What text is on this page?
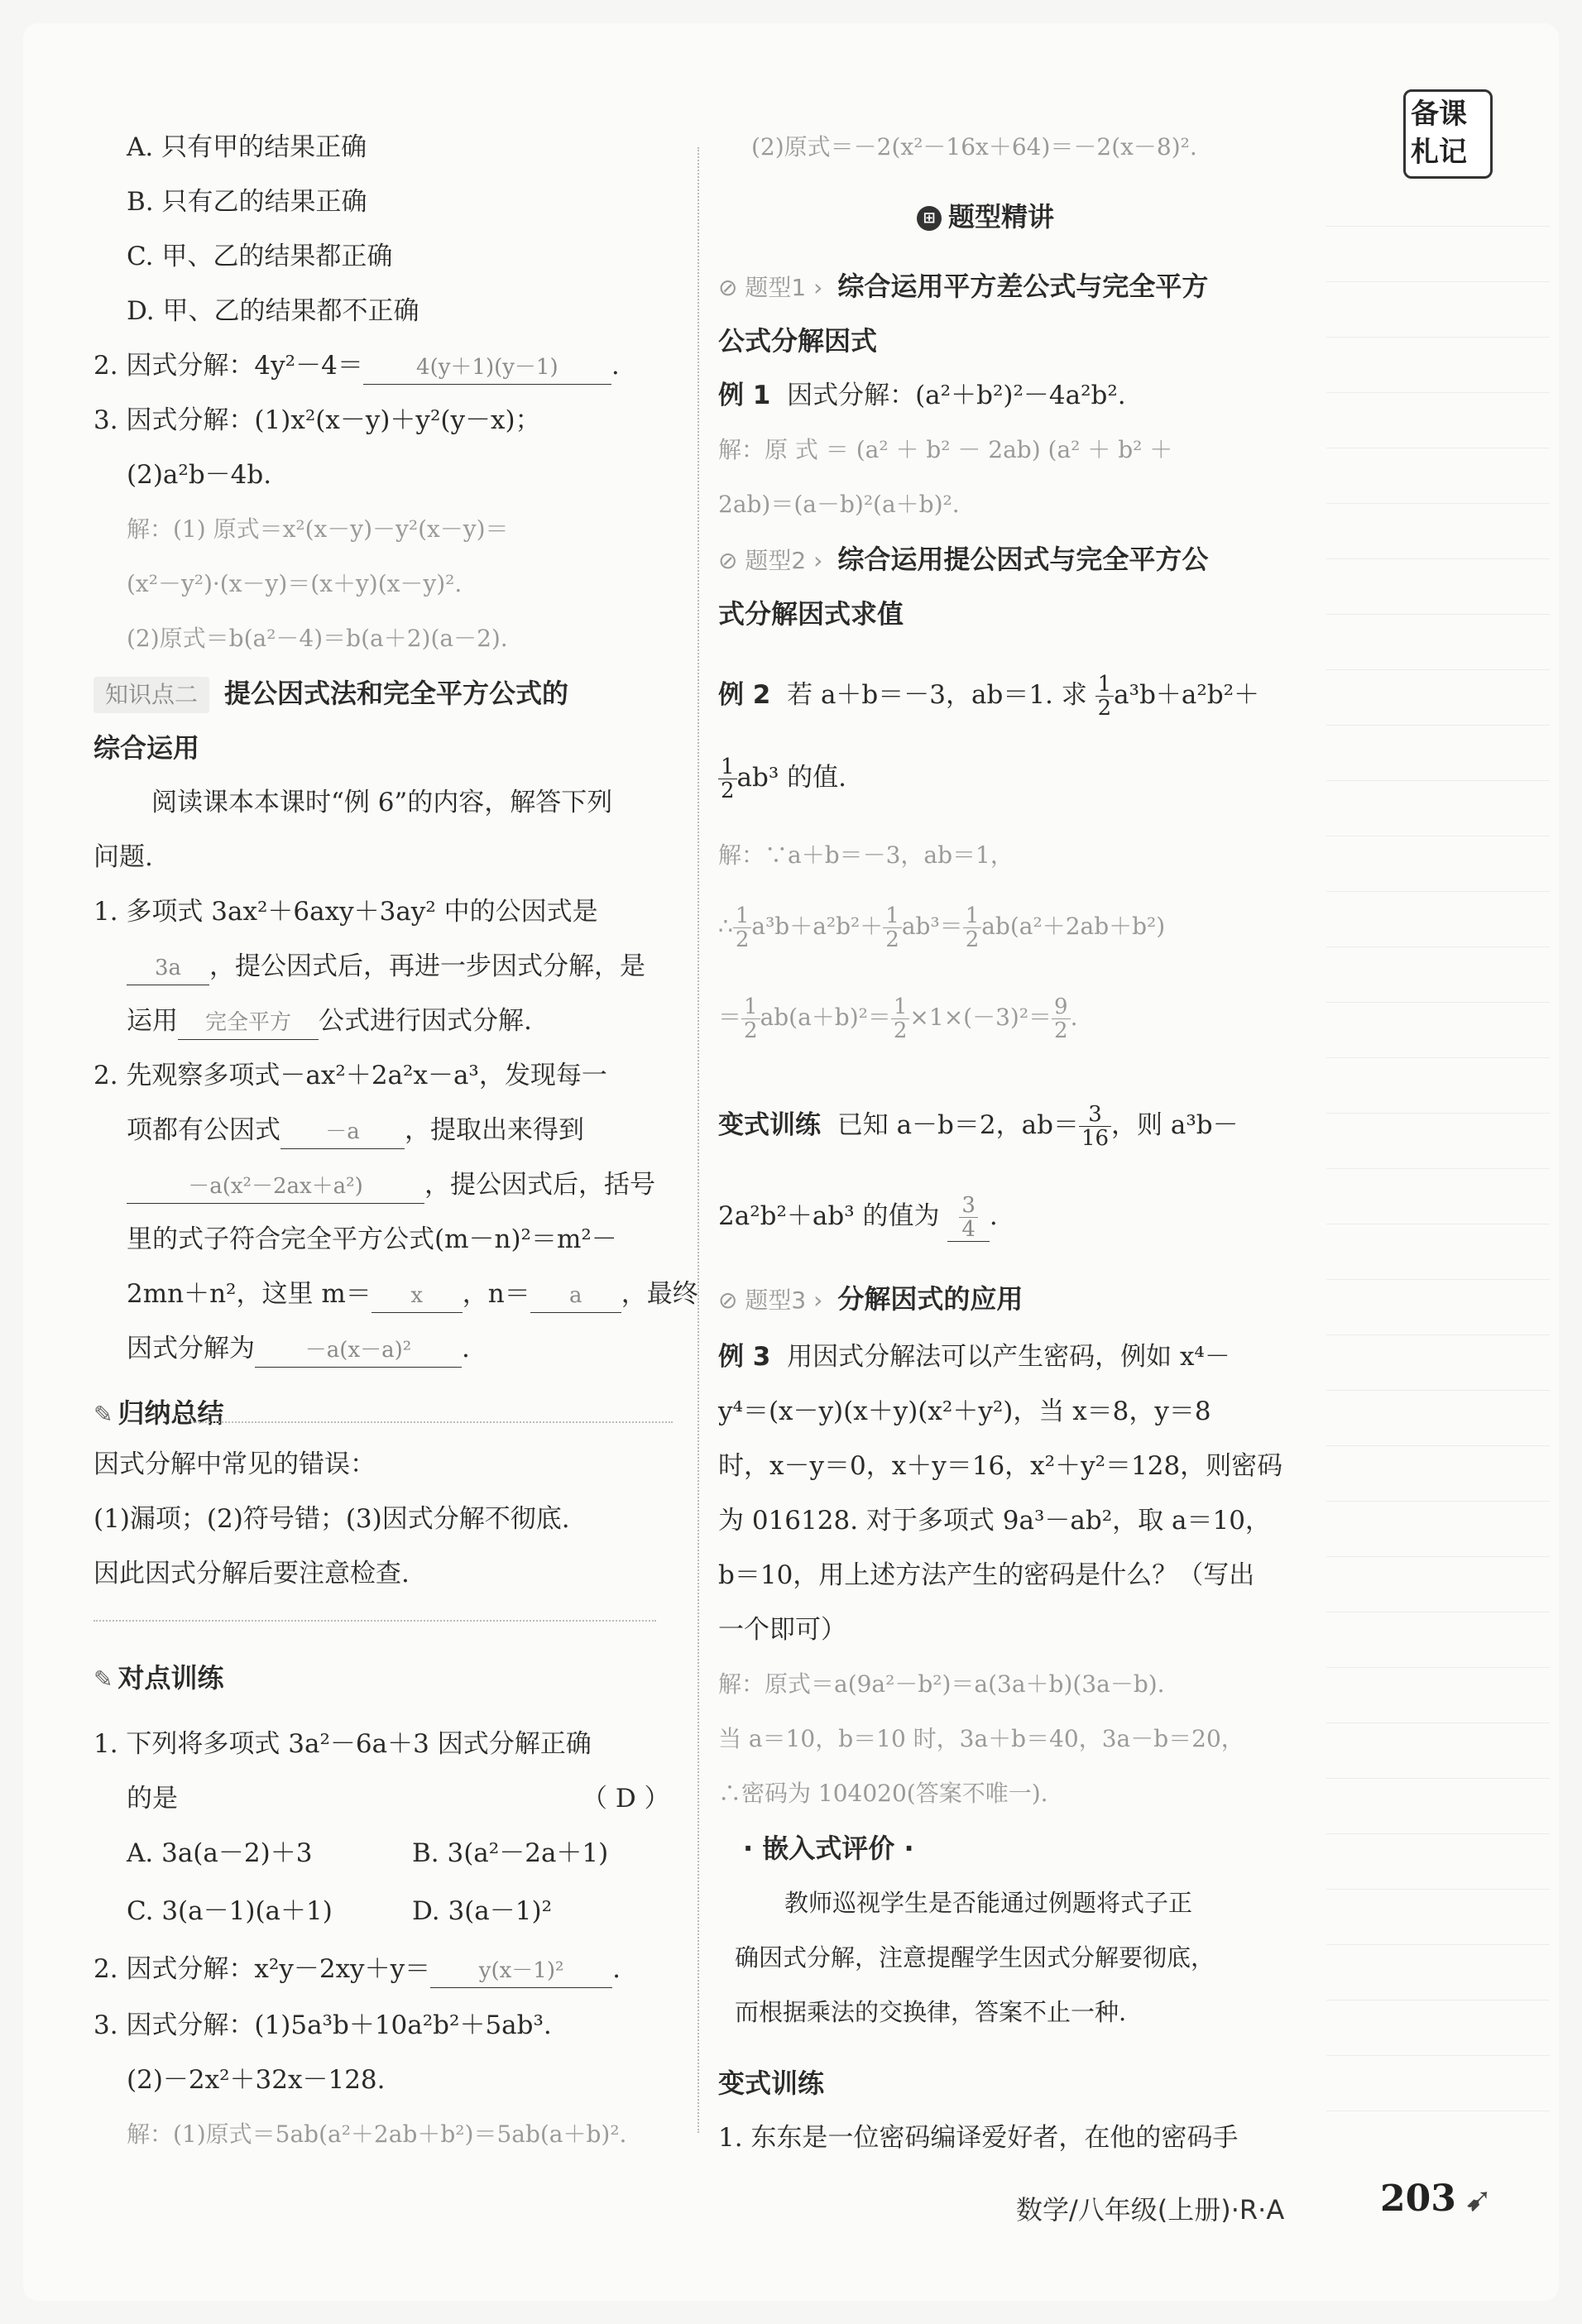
备课
札记
A. 只有甲的结果正确
B. 只有乙的结果正确
C. 甲、乙的结果都正确
D. 甲、乙的结果都不正确
2. 因式分解：4y²－4＝ 4(y＋1)(y－1) .
3. 因式分解：(1)x²(x－y)＋y²(y－x)；
(2)a²b－4b.
解：(1) 原式＝x²(x－y)－y²(x－y)＝
(x²－y²)·(x－y)＝(x＋y)(x－y)².
(2)原式＝b(a²－4)＝b(a＋2)(a－2).
知识点二 提公因式法和完全平方公式的
综合运用
阅读课本本课时“例 6”的内容，解答下列
问题.
1. 多项式 3ax²＋6axy＋3ay² 中的公因式是
3a ，提公因式后，再进一步因式分解，是
运用 完全平方 公式进行因式分解.
2. 先观察多项式－ax²＋2a²x－a³，发现每一
项都有公因式 －a ，提取出来得到
－a(x²－2ax＋a²) ，提公因式后，括号
里的式子符合完全平方公式(m－n)²＝m²－
2mn＋n²，这里 m＝ x ，n＝ a ，最终
因式分解为 －a(x－a)² .
✎ 归纳总结
因式分解中常见的错误：
(1)漏项；(2)符号错；(3)因式分解不彻底.
因此因式分解后要注意检查.
✎ 对点训练
1. 下列将多项式 3a²－6a＋3 因式分解正确
的是	（ D ）
A. 3a(a－2)＋3	B. 3(a²－2a＋1)
C. 3(a－1)(a＋1)	D. 3(a－1)²
2. 因式分解：x²y－2xy＋y＝ y(x－1)² .
3. 因式分解：(1)5a³b＋10a²b²＋5ab³.
(2)－2x²＋32x－128.
解：(1)原式＝5ab(a²＋2ab＋b²)＝5ab(a＋b)².
(2)原式＝－2(x²－16x＋64)＝－2(x－8)².
⊞ 题型精讲
⊘ 题型1 › 综合运用平方差公式与完全平方
公式分解因式
例 1 因式分解：(a²＋b²)²－4a²b².
解：原 式 ＝ (a² ＋ b² － 2ab) (a² ＋ b² ＋
2ab)＝(a－b)²(a＋b)².
⊘ 题型2 › 综合运用提公因式与完全平方公
式分解因式求值
例 2 若 a＋b＝－3，ab＝1. 求 $\frac{1}{2} a^3b+a^2b^2+$
$\frac{1}{2} ab^3$ 的值.
解：∵a＋b＝－3，ab＝1，
∴ $\frac{1}{2} a^3b+a^2b^2+ \frac{1}{2} ab^3= \frac{1}{2} ab(a^2+2ab+b^2)$
＝ $\frac{1}{2} ab(a+b)^2= \frac{1}{2} \times 1\times(-3)^2= \frac{9}{2}$ .
变式训练 已知 a－b＝2，$ab= \frac{3}{16}$ ，则 a³b－
2a²b²＋ab³ 的值为 $\frac{3}{4}$ .
⊘ 题型3 › 分解因式的应用
例 3 用因式分解法可以产生密码，例如 x⁴－
y⁴＝(x－y)(x＋y)(x²＋y²)，当 x＝8，y＝8
时，x－y＝0，x＋y＝16，x²＋y²＝128，则密码
为 016128. 对于多项式 9a³－ab²，取 a＝10，
b＝10，用上述方法产生的密码是什么？（写出
一个即可）
解：原式＝a(9a²－b²)＝a(3a＋b)(3a－b).
当 a＝10，b＝10 时，3a＋b＝40，3a－b＝20，
∴密码为 104020(答案不唯一).
· 嵌入式评价 ·
教师巡视学生是否能通过例题将式子正
确因式分解，注意提醒学生因式分解要彻底，
而根据乘法的交换律，答案不止一种.
变式训练
1. 东东是一位密码编译爱好者，在他的密码手
数学/八年级(上册)·R·A	203 ➹
